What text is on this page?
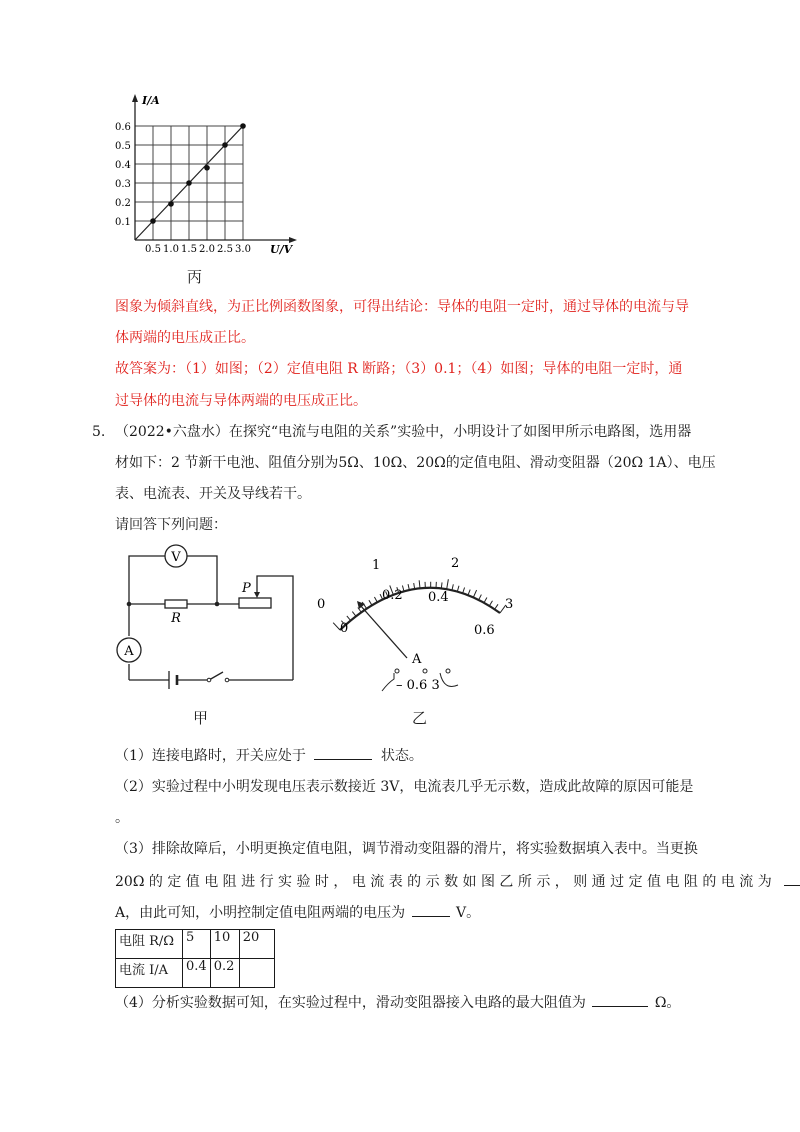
I/A
U/V
0.6
0.5
0.4
0.3
0.2
0.1
0.5 1.0 1.5 2.0 2.5 3.0
丙
图象为倾斜直线，为正比例函数图象，可得出结论：导体的电阻一定时，通过导体的电流与导
体两端的电压成正比。
故答案为：（1）如图；（2）定值电阻 R 断路；（3）0.1；（4）如图；导体的电阻一定时，通
过导体的电流与导体两端的电压成正比。
5. （2022•六盘水）在探究“电流与电阻的关系”实验中，小明设计了如图甲所示电路图，选用器
材如下：2 节新干电池、阻值分别为5Ω、10Ω、20Ω的定值电阻、滑动变阻器（20Ω 1A）、电压
表、电流表、开关及导线若干。
请回答下列问题：
V
R
P
A
甲
0
1	2
3
0
0.2 0.4
0.6
A
– 0.6 3
乙
（1）连接电路时，开关应处于	状态。
（2）实验过程中小明发现电压表示数接近 3V，电流表几乎无示数，造成此故障的原因可能是
。
（3）排除故障后，小明更换定值电阻，调节滑动变阻器的滑片，将实验数据填入表中。当更换
20Ω 的 定 值 电 阻 进 行 实 验 时 ， 电 流 表 的 示 数 如 图 乙 所 示 ， 则 通 过 定 值 电 阻 的 电 流 为
A，由此可知，小明控制定值电阻两端的电压为	V。
电阻 R/Ω	5	10	20
电流 I/A	0.4	0.2	
（4）分析实验数据可知，在实验过程中，滑动变阻器接入电路的最大阻值为	Ω。
